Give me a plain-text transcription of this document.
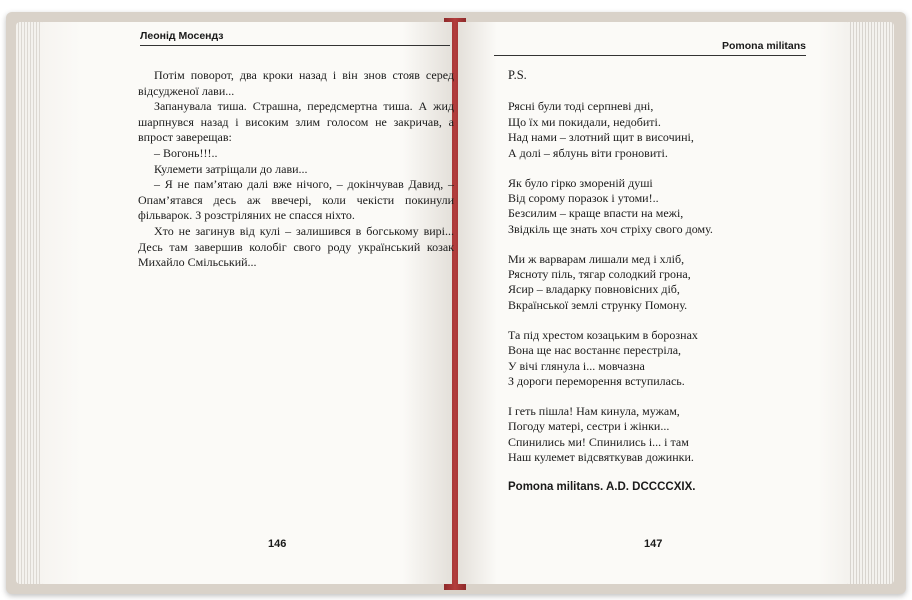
Леонід Мосендз

Потім поворот, два кроки назад і він знов стояв серед відсудженої лави...

Запанувала тиша. Страшна, передсмертна тиша. А жид шарпнувся назад і високим злим голосом не закричав, а впрост заверещав:

– Вогонь!!!..

Кулемети затріщали до лави...

– Я не пам’ятаю далі вже нічого, – докінчував Давид, – Опам’ятався десь аж ввечері, коли чекісти покинули фільварок. З розстріляних не спасся ніхто.

Хто не загинув від кулі – залишився в богському вирі... Десь там завершив колобіг свого роду український козак Михайло Смільський...

146
Pomona militans
P.S.
Рясні були тоді серпневі дні,
Що їх ми покидали, недобиті.
Над нами – злотний щит в височині,
А долі – яблунь віти гроновиті.
Як було гірко змореній душі
Від сорому поразок і утоми!..
Безсилим – краще впасти на межі,
Звідкіль ще знать хоч стріху свого дому.
Ми ж варварам лишали мед і хліб,
Рясноту піль, тягар солодкий грона,
Ясир – владарку повновісних діб,
Вкраїнської землі струнку Помону.
Та під хрестом козацьким в борознах
Вона ще нас востаннє перестріла,
У вічі глянула і... мовчазна
З дороги переморення вступилась.
І геть пішла! Нам кинула, мужам,
Погоду матері, сестри і жінки...
Спинились ми! Спинились і... і там
Наш кулемет відсвяткував дожинки.
Pomona militans. A.D. DCCCCXIX.
147
